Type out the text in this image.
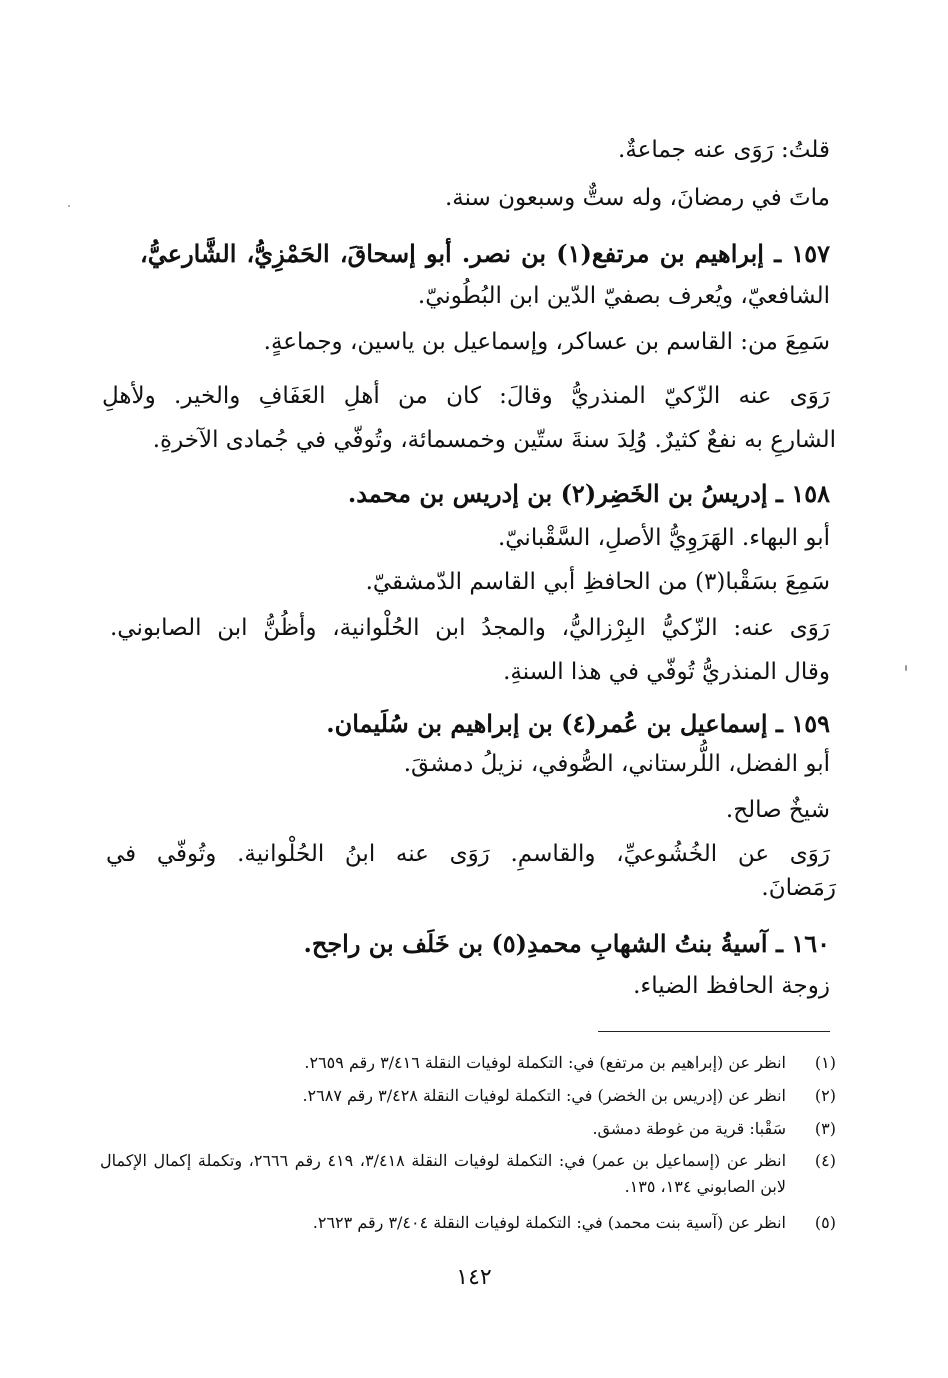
قلتُ: رَوَى عنه جماعةٌ.
ماتَ في رمضانَ، وله ستٌّ وسبعون سنة.
١٥٧ ـ إبراهيم بن مرتفع(١) بن نصر. أبو إسحاقَ، الحَمْزِيُّ، الشَّارعيُّ،
الشافعيّ، ويُعرف بصفيّ الدّين ابن البُطُونيّ.
سَمِعَ من: القاسم بن عساكر، وإسماعيل بن ياسين، وجماعةٍ.
رَوَى عنه الزّكيّ المنذريُّ وقالَ: كان من أهلِ العَفَافِ والخير. ولأهلِ
الشارعِ به نفعٌ كثيرٌ. وُلِدَ سنةَ ستّين وخمسمائة، وتُوفّي في جُمادى الآخرةِ.
١٥٨ ـ إدريسُ بن الخَضِر(٢) بن إدريس بن محمد.
أبو البهاء. الهَرَوِيُّ الأصلِ، السَّقْبانيّ.
سَمِعَ بسَقْبا(٣) من الحافظِ أبي القاسم الدّمشقيّ.
رَوَى عنه: الزّكيُّ البِرْزاليُّ، والمجدُ ابن الحُلْوانية، وأظُنُّ ابن الصابوني.
وقال المنذريُّ تُوفّي في هذا السنةِ.
١٥٩ ـ إسماعيل بن عُمر(٤) بن إبراهيم بن سُلَيمان.
أبو الفضل، اللُّرستاني، الصُّوفي، نزيلُ دمشقَ.
شيخٌ صالح.
رَوَى عن الخُشُوعيِّ، والقاسمِ. رَوَى عنه ابنُ الحُلْوانية. وتُوفّي في
رَمَضانَ.
١٦٠ ـ آسيةُ بنتُ الشهابِ محمدِ(٥) بن خَلَف بن راجح.
زوجة الحافظ الضياء.
(١)
انظر عن (إبراهيم بن مرتفع) في: التكملة لوفيات النقلة ٣/٤١٦ رقم ٢٦٥٩.
(٢)
انظر عن (إدريس بن الخضر) في: التكملة لوفيات النقلة ٣/٤٢٨ رقم ٢٦٨٧.
(٣)
سَقْبا: قرية من غوطة دمشق.
(٤)
انظر عن (إسماعيل بن عمر) في: التكملة لوفيات النقلة ٣/٤١٨، ٤١٩ رقم ٢٦٦٦، وتكملة إكمال الإكمال لابن الصابوني ١٣٤، ١٣٥.
(٥)
انظر عن (آسية بنت محمد) في: التكملة لوفيات النقلة ٣/٤٠٤ رقم ٢٦٢٣.
١٤٢
